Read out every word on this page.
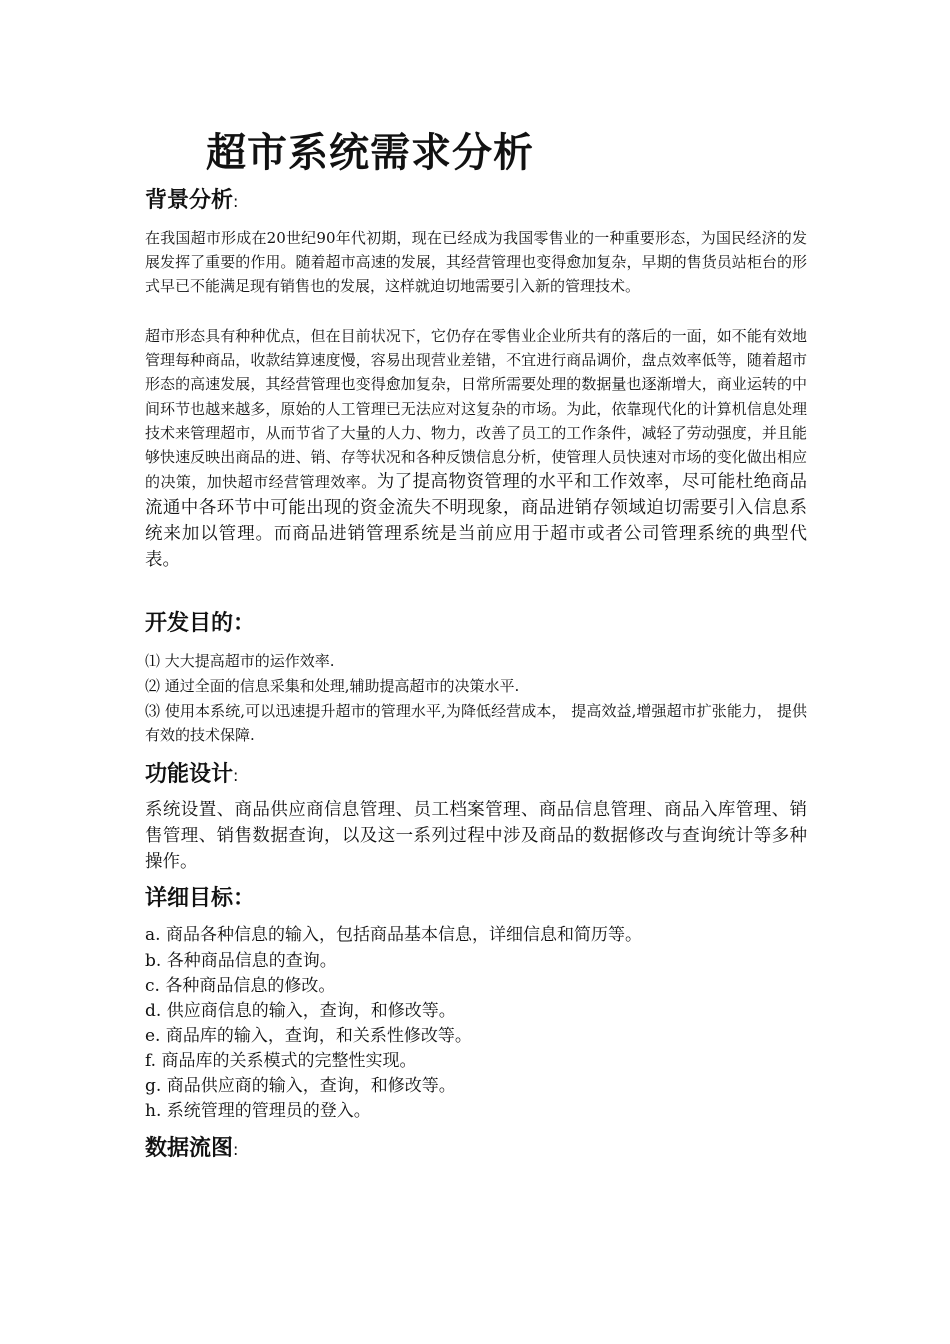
超市系统需求分析
背景分析:
在我国超市形成在20世纪90年代初期，现在已经成为我国零售业的一种重要形态，为国民经济的发展发挥了重要的作用。随着超市高速的发展，其经营管理也变得愈加复杂，早期的售货员站柜台的形式早已不能满足现有销售也的发展，这样就迫切地需要引入新的管理技术。
超市形态具有种种优点，但在目前状况下，它仍存在零售业企业所共有的落后的一面，如不能有效地管理每种商品，收款结算速度慢，容易出现营业差错，不宜进行商品调价，盘点效率低等，随着超市形态的高速发展，其经营管理也变得愈加复杂，日常所需要处理的数据量也逐渐增大，商业运转的中间环节也越来越多，原始的人工管理已无法应对这复杂的市场。为此，依靠现代化的计算机信息处理技术来管理超市，从而节省了大量的人力、物力，改善了员工的工作条件，减轻了劳动强度，并且能够快速反映出商品的进、销、存等状况和各种反馈信息分析，使管理人员快速对市场的变化做出相应的决策，加快超市经营管理效率。为了提高物资管理的水平和工作效率，尽可能杜绝商品流通中各环节中可能出现的资金流失不明现象，商品进销存领域迫切需要引入信息系统来加以管理。而商品进销管理系统是当前应用于超市或者公司管理系统的典型代表。
开发目的：
⑴ 大大提高超市的运作效率.
⑵ 通过全面的信息采集和处理,辅助提高超市的决策水平.
⑶ 使用本系统,可以迅速提升超市的管理水平,为降低经营成本， 提高效益,增强超市扩张能力， 提供有效的技术保障.
功能设计:
系统设置、商品供应商信息管理、员工档案管理、商品信息管理、商品入库管理、销售管理、销售数据查询，以及这一系列过程中涉及商品的数据修改与查询统计等多种操作。
详细目标：
a. 商品各种信息的输入，包括商品基本信息，详细信息和简历等。
b. 各种商品信息的查询。
c. 各种商品信息的修改。
d. 供应商信息的输入，查询，和修改等。
e. 商品库的输入，查询，和关系性修改等。
f. 商品库的关系模式的完整性实现。
g. 商品供应商的输入，查询，和修改等。
h. 系统管理的管理员的登入。
数据流图:
